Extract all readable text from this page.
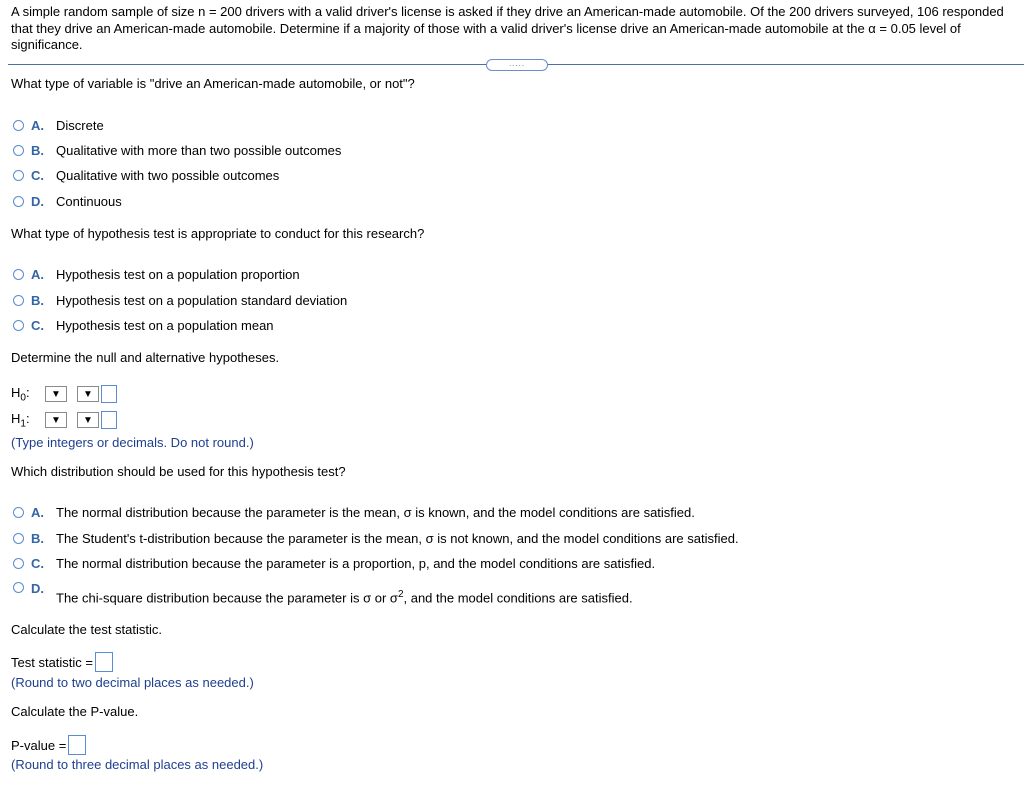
A simple random sample of size n = 200 drivers with a valid driver's license is asked if they drive an American-made automobile. Of the 200 drivers surveyed, 106 responded that they drive an American-made automobile. Determine if a majority of those with a valid driver's license drive an American-made automobile at the α = 0.05 level of significance.
.....
What type of variable is "drive an American-made automobile, or not"?
A. Discrete
B. Qualitative with more than two possible outcomes
C. Qualitative with two possible outcomes
D. Continuous
What type of hypothesis test is appropriate to conduct for this research?
A. Hypothesis test on a population proportion
B. Hypothesis test on a population standard deviation
C. Hypothesis test on a population mean
Determine the null and alternative hypotheses.
$H_0$:	▼	▼
$H_1$:	▼	▼
(Type integers or decimals. Do not round.)
Which distribution should be used for this hypothesis test?
A. The normal distribution because the parameter is the mean, σ is known, and the model conditions are satisfied.
B. The Student's t-distribution because the parameter is the mean, σ is not known, and the model conditions are satisfied.
C. The normal distribution because the parameter is a proportion, p, and the model conditions are satisfied.
D.
The chi-square distribution because the parameter is σ or $\sigma^2$, and the model conditions are satisfied.
Calculate the test statistic.
Test statistic =
(Round to two decimal places as needed.)
Calculate the P-value.
P-value =
(Round to three decimal places as needed.)
